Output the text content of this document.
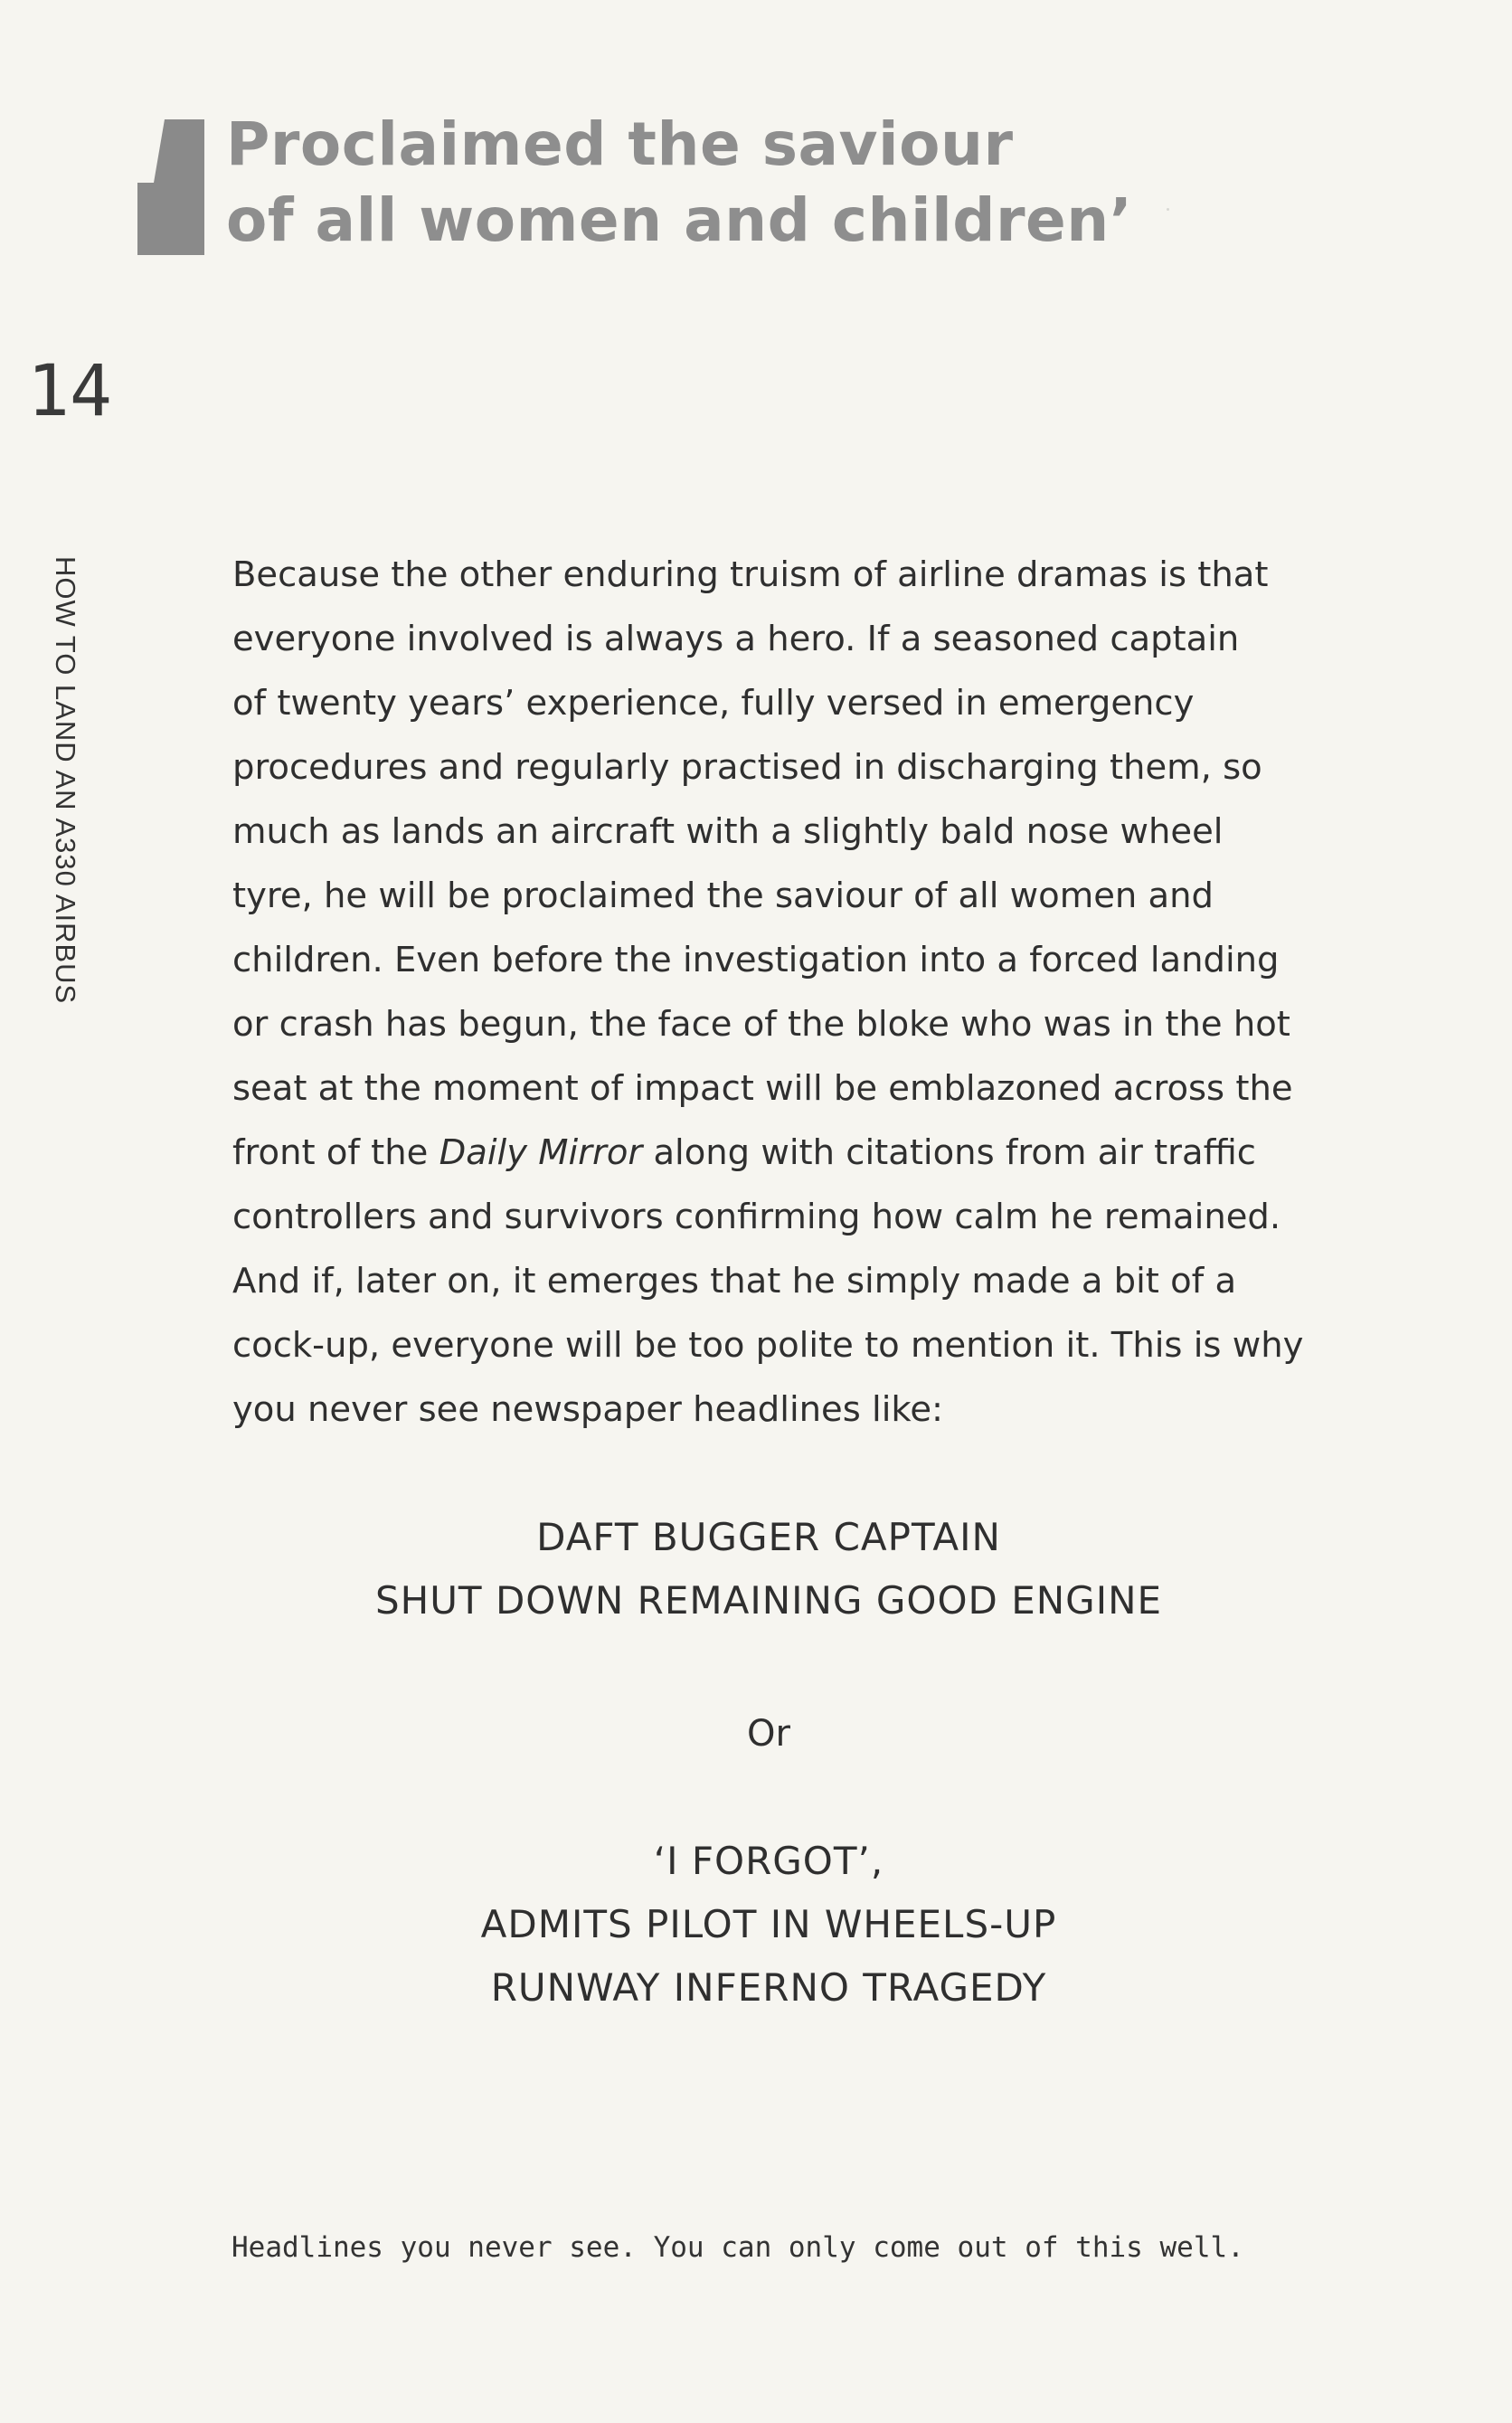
Proclaimed the saviour
of all women and children’
14
HOW TO LAND AN A330 AIRBUS	Because the other enduring truism of airline dramas is that
everyone involved is always a hero. If a seasoned captain
of twenty years’ experience, fully versed in emergency
procedures and regularly practised in discharging them, so
much as lands an aircraft with a slightly bald nose wheel
tyre, he will be proclaimed the saviour of all women and
children. Even before the investigation into a forced landing
or crash has begun, the face of the bloke who was in the hot
seat at the moment of impact will be emblazoned across the
front of the Daily Mirror along with citations from air traffic
controllers and survivors confirming how calm he remained.
And if, later on, it emerges that he simply made a bit of a
cock-up, everyone will be too polite to mention it. This is why
you never see newspaper headlines like:
DAFT BUGGER CAPTAIN
SHUT DOWN REMAINING GOOD ENGINE
Or
‘I FORGOT’,
ADMITS PILOT IN WHEELS-UP
RUNWAY INFERNO TRAGEDY
Headlines you never see. You can only come out of this well.
